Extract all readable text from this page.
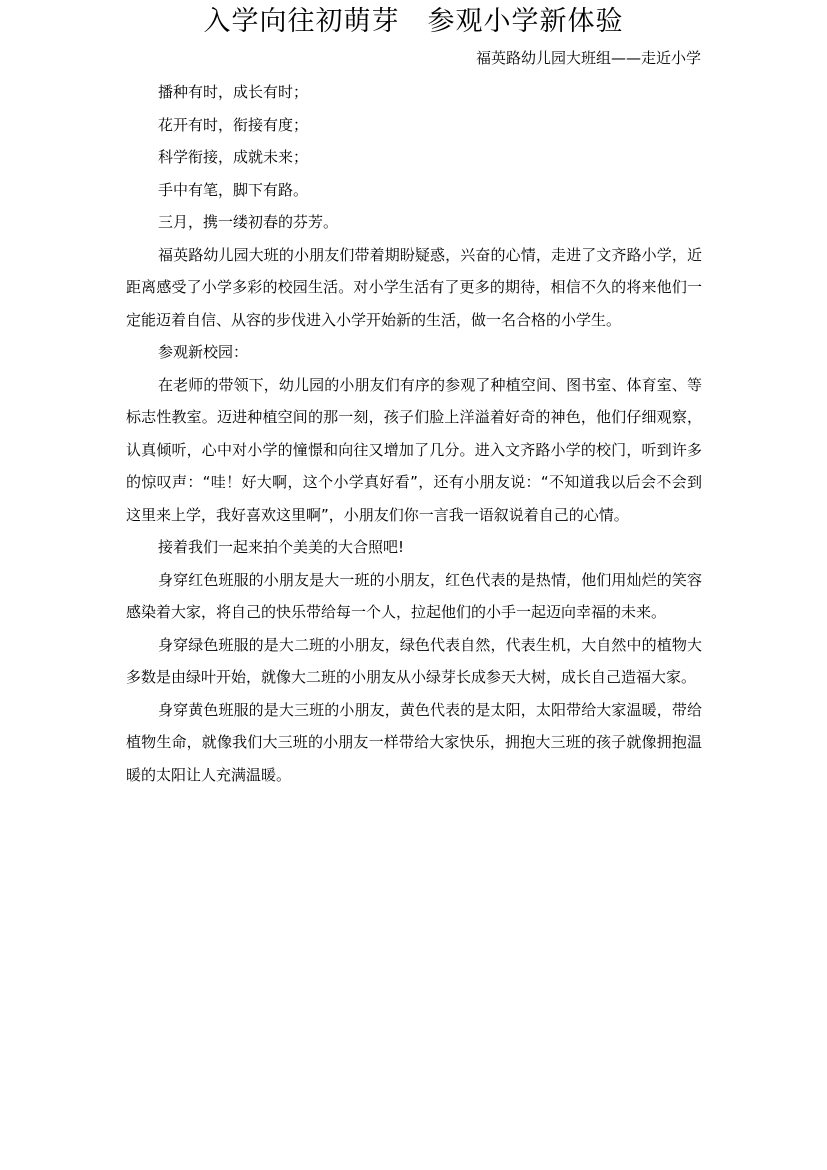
入学向往初萌芽　参观小学新体验
福英路幼儿园大班组——走近小学

播种有时，成长有时；

花开有时，衔接有度；

科学衔接，成就未来；

手中有笔，脚下有路。

三月，携一缕初春的芬芳。

福英路幼儿园大班的小朋友们带着期盼疑惑，兴奋的心情，走进了文齐路小学，近距离感受了小学多彩的校园生活。对小学生活有了更多的期待，相信不久的将来他们一定能迈着自信、从容的步伐进入小学开始新的生活，做一名合格的小学生。

参观新校园：

在老师的带领下，幼儿园的小朋友们有序的参观了种植空间、图书室、体育室、等标志性教室。迈进种植空间的那一刻，孩子们脸上洋溢着好奇的神色，他们仔细观察，认真倾听，心中对小学的憧憬和向往又增加了几分。进入文齐路小学的校门，听到许多的惊叹声：“哇！好大啊，这个小学真好看”，还有小朋友说：“不知道我以后会不会到这里来上学，我好喜欢这里啊”，小朋友们你一言我一语叙说着自己的心情。

接着我们一起来拍个美美的大合照吧!

身穿红色班服的小朋友是大一班的小朋友，红色代表的是热情，他们用灿烂的笑容感染着大家，将自己的快乐带给每一个人，拉起他们的小手一起迈向幸福的未来。

身穿绿色班服的是大二班的小朋友，绿色代表自然，代表生机，大自然中的植物大多数是由绿叶开始，就像大二班的小朋友从小绿芽长成参天大树，成长自己造福大家。

身穿黄色班服的是大三班的小朋友，黄色代表的是太阳，太阳带给大家温暖，带给植物生命，就像我们大三班的小朋友一样带给大家快乐，拥抱大三班的孩子就像拥抱温暖的太阳让人充满温暖。
